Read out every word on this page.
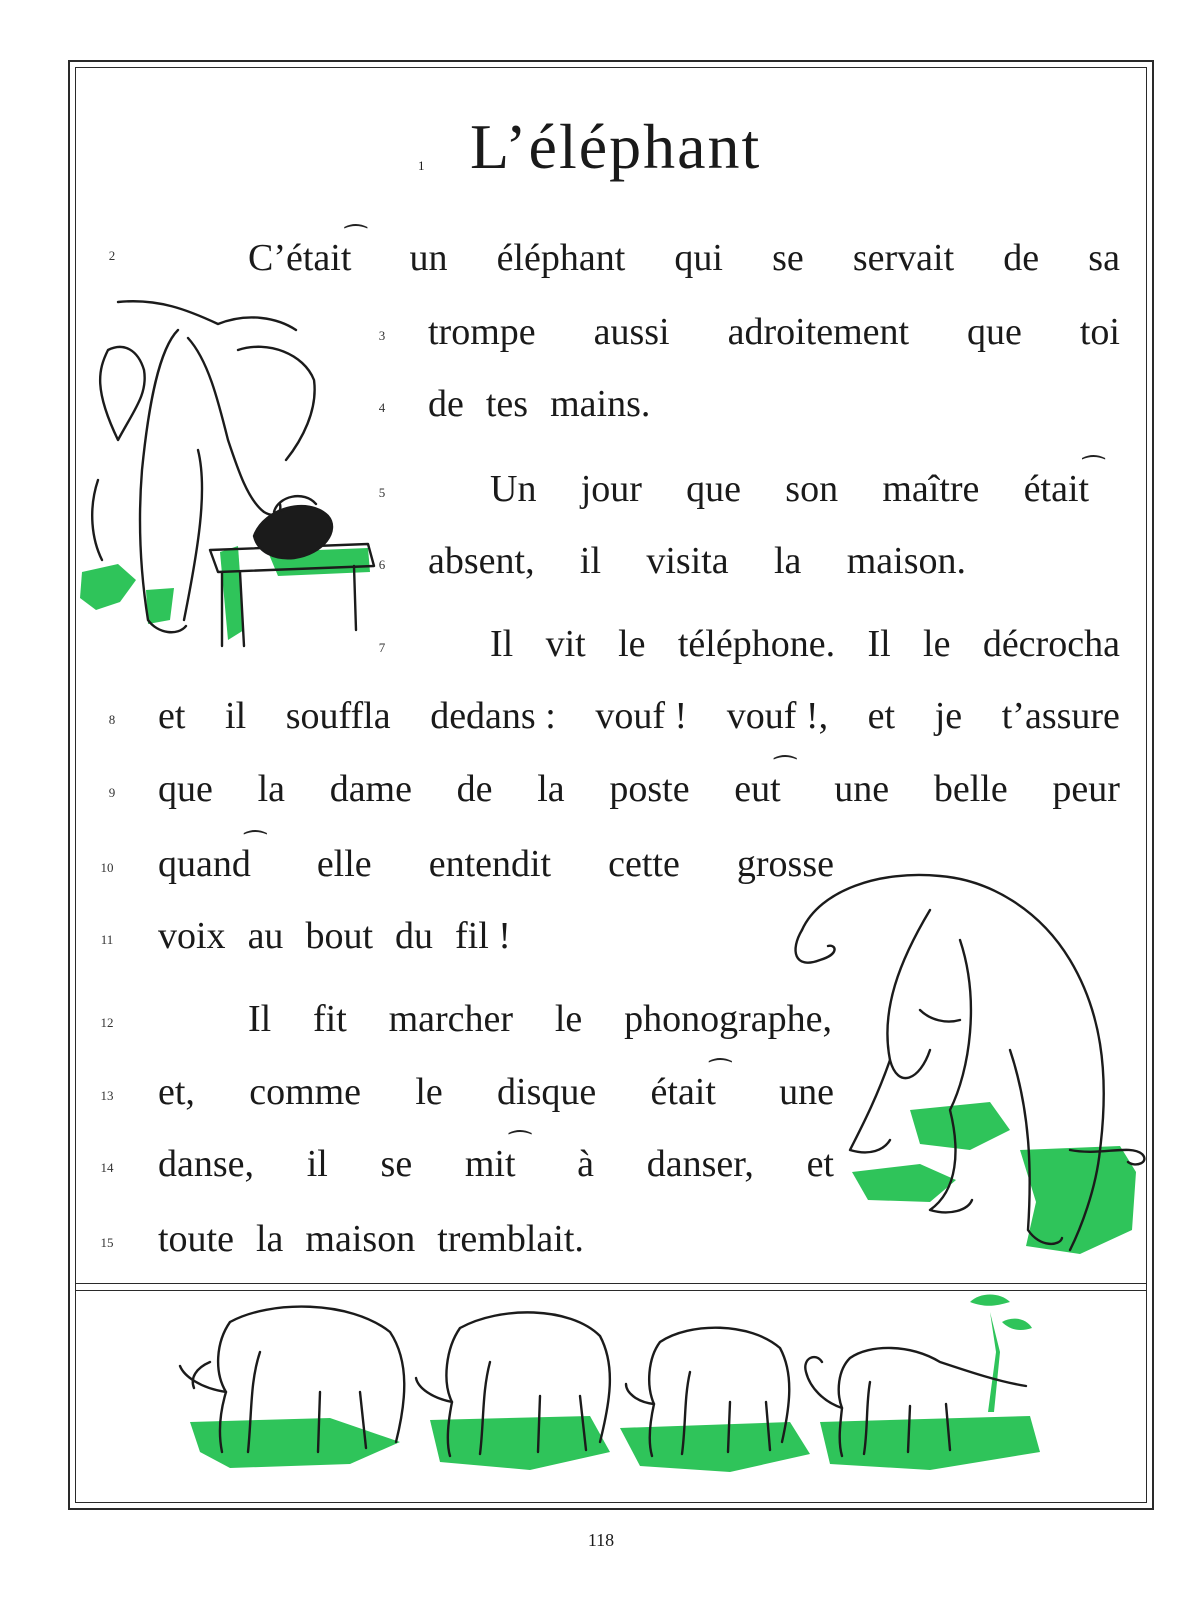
1 L’éléphant
2
3
4
5
6
7
8
9
10
11
12
13
14
15
C’était⁀ un éléphant qui se servait de sa
trompe aussi adroitement que toi
de tes mains.
Un jour que son maître était⁀
absent, il visita la maison.
Il vit le téléphone. Il le décrocha
et il souffla dedans : vouf ! vouf !, et je t’assure
que la dame de la poste eut⁀ une belle peur
quand⁀ elle entendit cette grosse
voix au bout du fil !
Il fit marcher le phonographe,
et, comme le disque était⁀ une
danse, il se mit⁀ à danser, et
toute la maison tremblait.
118
